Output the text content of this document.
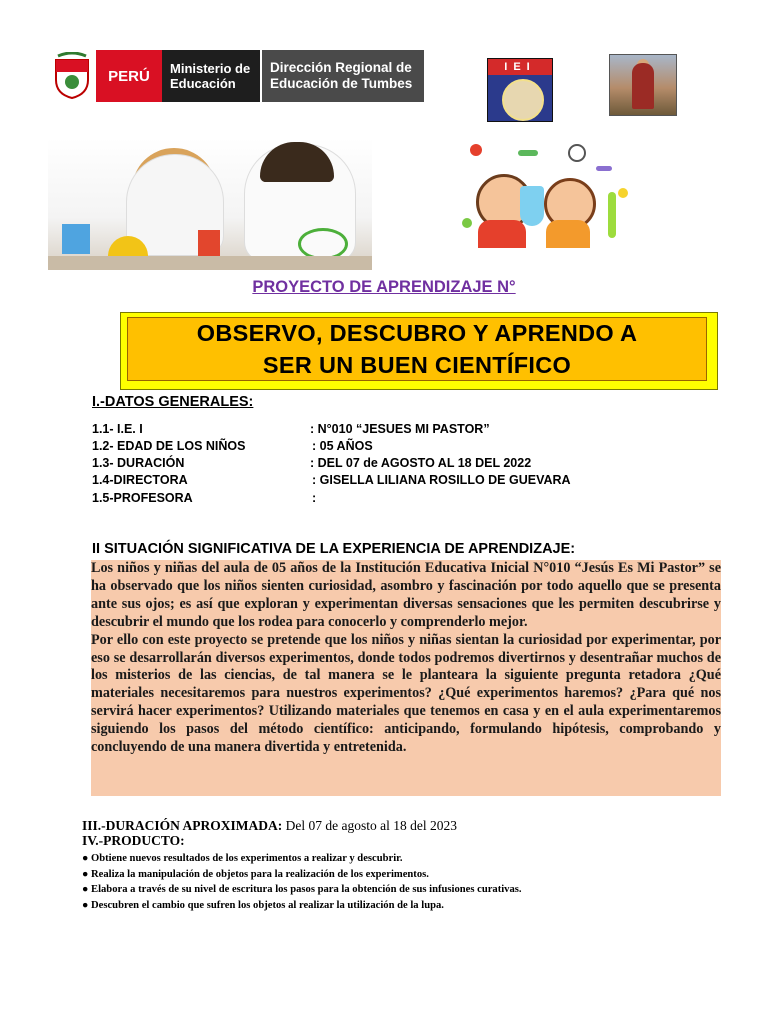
PERÚ	Ministerio de
Educación
Dirección Regional de
Educación de Tumbes
IEI
PROYECTO DE APRENDIZAJE N°
OBSERVO, DESCUBRO Y APRENDO A
SER UN BUEN CIENTÍFICO
I.-DATOS GENERALES:
1.1- I.E. I	: N°010 “JESUES MI PASTOR”
1.2- EDAD DE LOS NIÑOS	: 05 AÑOS
1.3- DURACIÓN	: DEL 07 de AGOSTO AL 18 DEL 2022
1.4-DIRECTORA	: GISELLA LILIANA ROSILLO DE GUEVARA
1.5-PROFESORA	:
II SITUACIÓN SIGNIFICATIVA DE LA EXPERIENCIA DE APRENDIZAJE:

Los niños y niñas del aula de 05 años de la Institución Educativa Inicial N°010 “Jesús Es Mi Pastor” se ha observado que los niños sienten curiosidad, asombro y fascinación por todo aquello que se presenta ante sus ojos; es así que exploran y experimentan diversas sensaciones que les permiten descubrirse y descubrir el mundo que los rodea para conocerlo y comprenderlo mejor.

Por ello con este proyecto se pretende que los niños y niñas sientan la curiosidad por experimentar, por eso se desarrollarán diversos experimentos, donde todos podremos divertirnos y desentrañar muchos de los misterios de las ciencias, de tal manera se le planteara la siguiente pregunta retadora ¿Qué materiales necesitaremos para nuestros experimentos? ¿Qué experimentos haremos? ¿Para qué nos servirá hacer experimentos? Utilizando materiales que tenemos en casa y en el aula experimentaremos siguiendo los pasos del método científico: anticipando, formulando hipótesis, comprobando y concluyendo de una manera divertida y entretenida.

III.-DURACIÓN APROXIMADA: Del 07 de agosto al 18 del 2023
IV.-PRODUCTO:
● Obtiene nuevos resultados de los experimentos a realizar y descubrir.
● Realiza la manipulación de objetos para la realización de los experimentos.
● Elabora a través de su nivel de escritura los pasos para la obtención de sus infusiones curativas.
● Descubren el cambio que sufren los objetos al realizar la utilización de la lupa.
